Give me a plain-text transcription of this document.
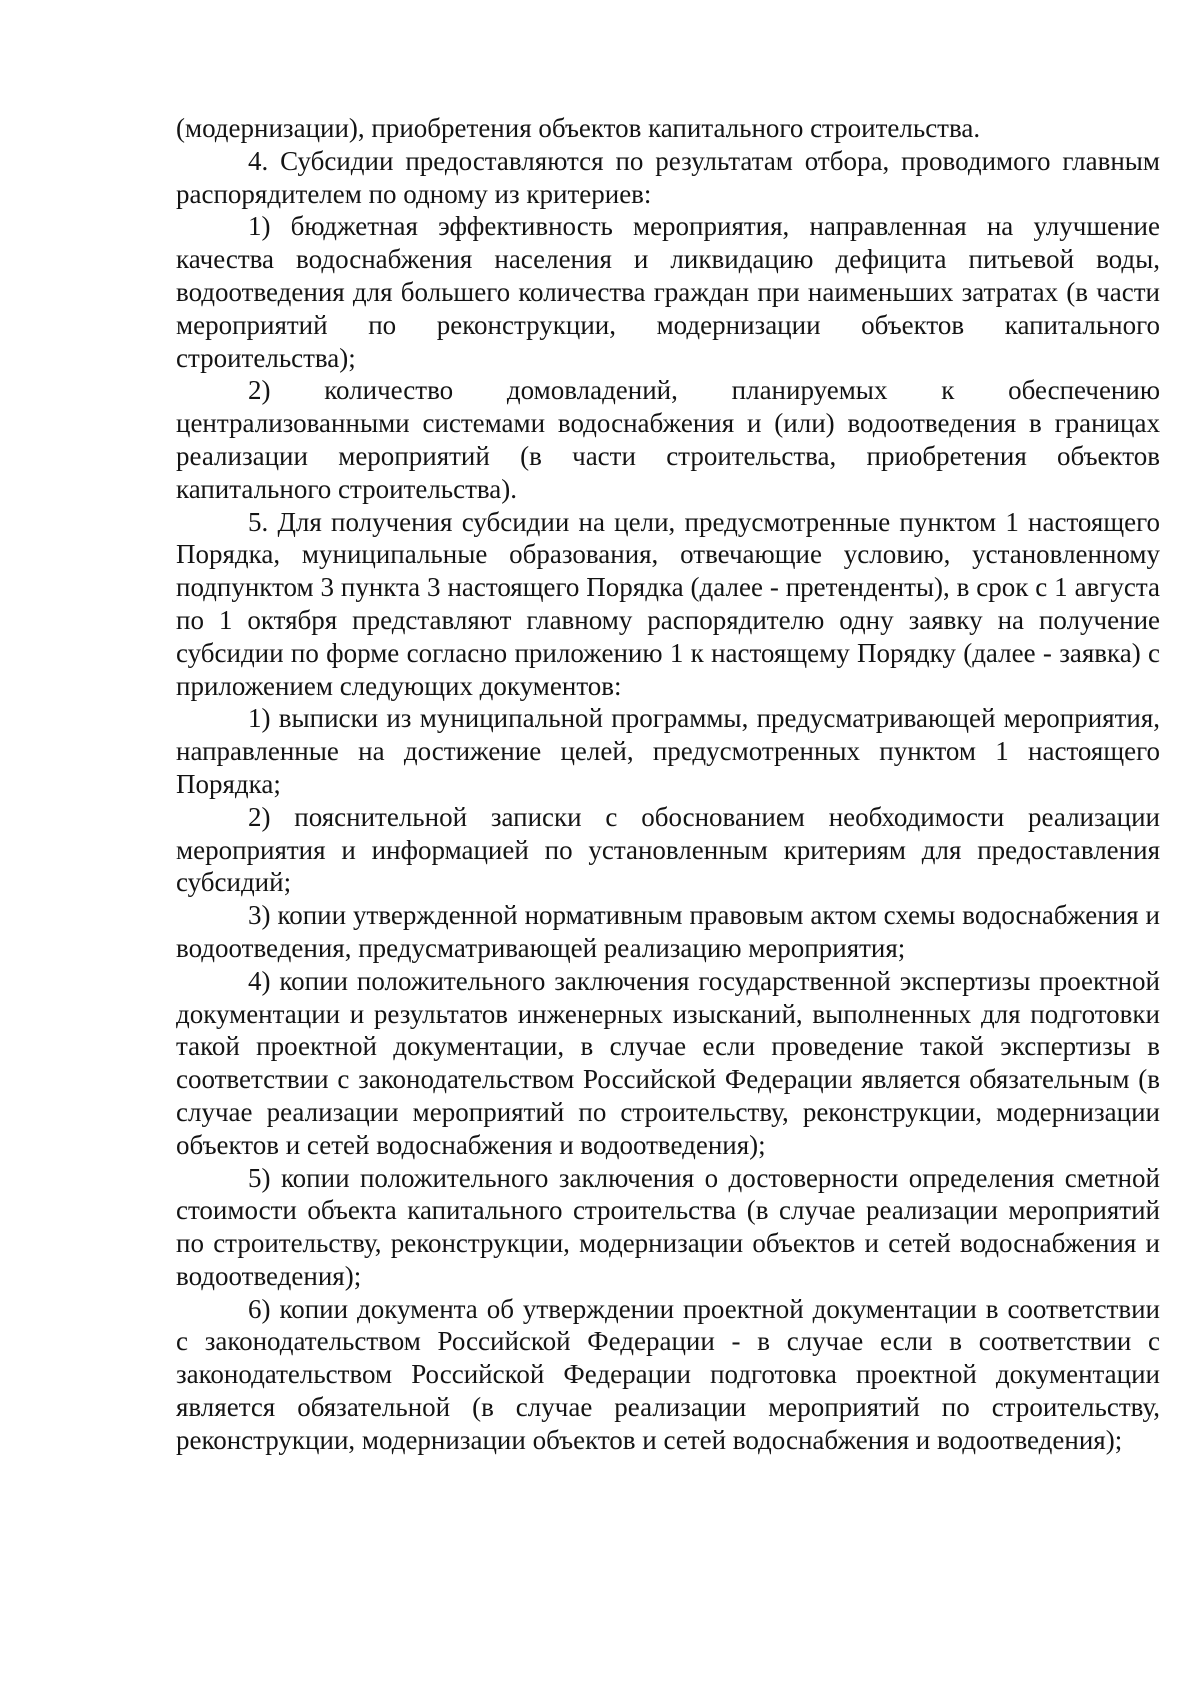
(модернизации), приобретения объектов капитального строительства.

4. Субсидии предоставляются по результатам отбора, проводимого главным распорядителем по одному из критериев:

1) бюджетная эффективность мероприятия, направленная на улучшение качества водоснабжения населения и ликвидацию дефицита питьевой воды, водоотведения для большего количества граждан при наименьших затратах (в части мероприятий по реконструкции, модернизации объектов капитального строительства);

2) количество домовладений, планируемых к обеспечению централизованными системами водоснабжения и (или) водоотведения в границах реализации мероприятий (в части строительства, приобретения объектов капитального строительства).

5. Для получения субсидии на цели, предусмотренные пунктом 1 настоящего Порядка, муниципальные образования, отвечающие условию, установленному подпунктом 3 пункта 3 настоящего Порядка (далее - претенденты), в срок с 1 августа по 1 октября представляют главному распорядителю одну заявку на получение субсидии по форме согласно приложению 1 к настоящему Порядку (далее - заявка) с приложением следующих документов:

1) выписки из муниципальной программы, предусматривающей мероприятия, направленные на достижение целей, предусмотренных пунктом 1 настоящего Порядка;

2) пояснительной записки с обоснованием необходимости реализации мероприятия и информацией по установленным критериям для предоставления субсидий;

3) копии утвержденной нормативным правовым актом схемы водоснабжения и водоотведения, предусматривающей реализацию мероприятия;

4) копии положительного заключения государственной экспертизы проектной документации и результатов инженерных изысканий, выполненных для подготовки такой проектной документации, в случае если проведение такой экспертизы в соответствии с законодательством Российской Федерации является обязательным (в случае реализации мероприятий по строительству, реконструкции, модернизации объектов и сетей водоснабжения и водоотведения);

5) копии положительного заключения о достоверности определения сметной стоимости объекта капитального строительства (в случае реализации мероприятий по строительству, реконструкции, модернизации объектов и сетей водоснабжения и водоотведения);

6) копии документа об утверждении проектной документации в соответствии с законодательством Российской Федерации - в случае если в соответствии с законодательством Российской Федерации подготовка проектной документации является обязательной (в случае реализации мероприятий по строительству, реконструкции, модернизации объектов и сетей водоснабжения и водоотведения);
